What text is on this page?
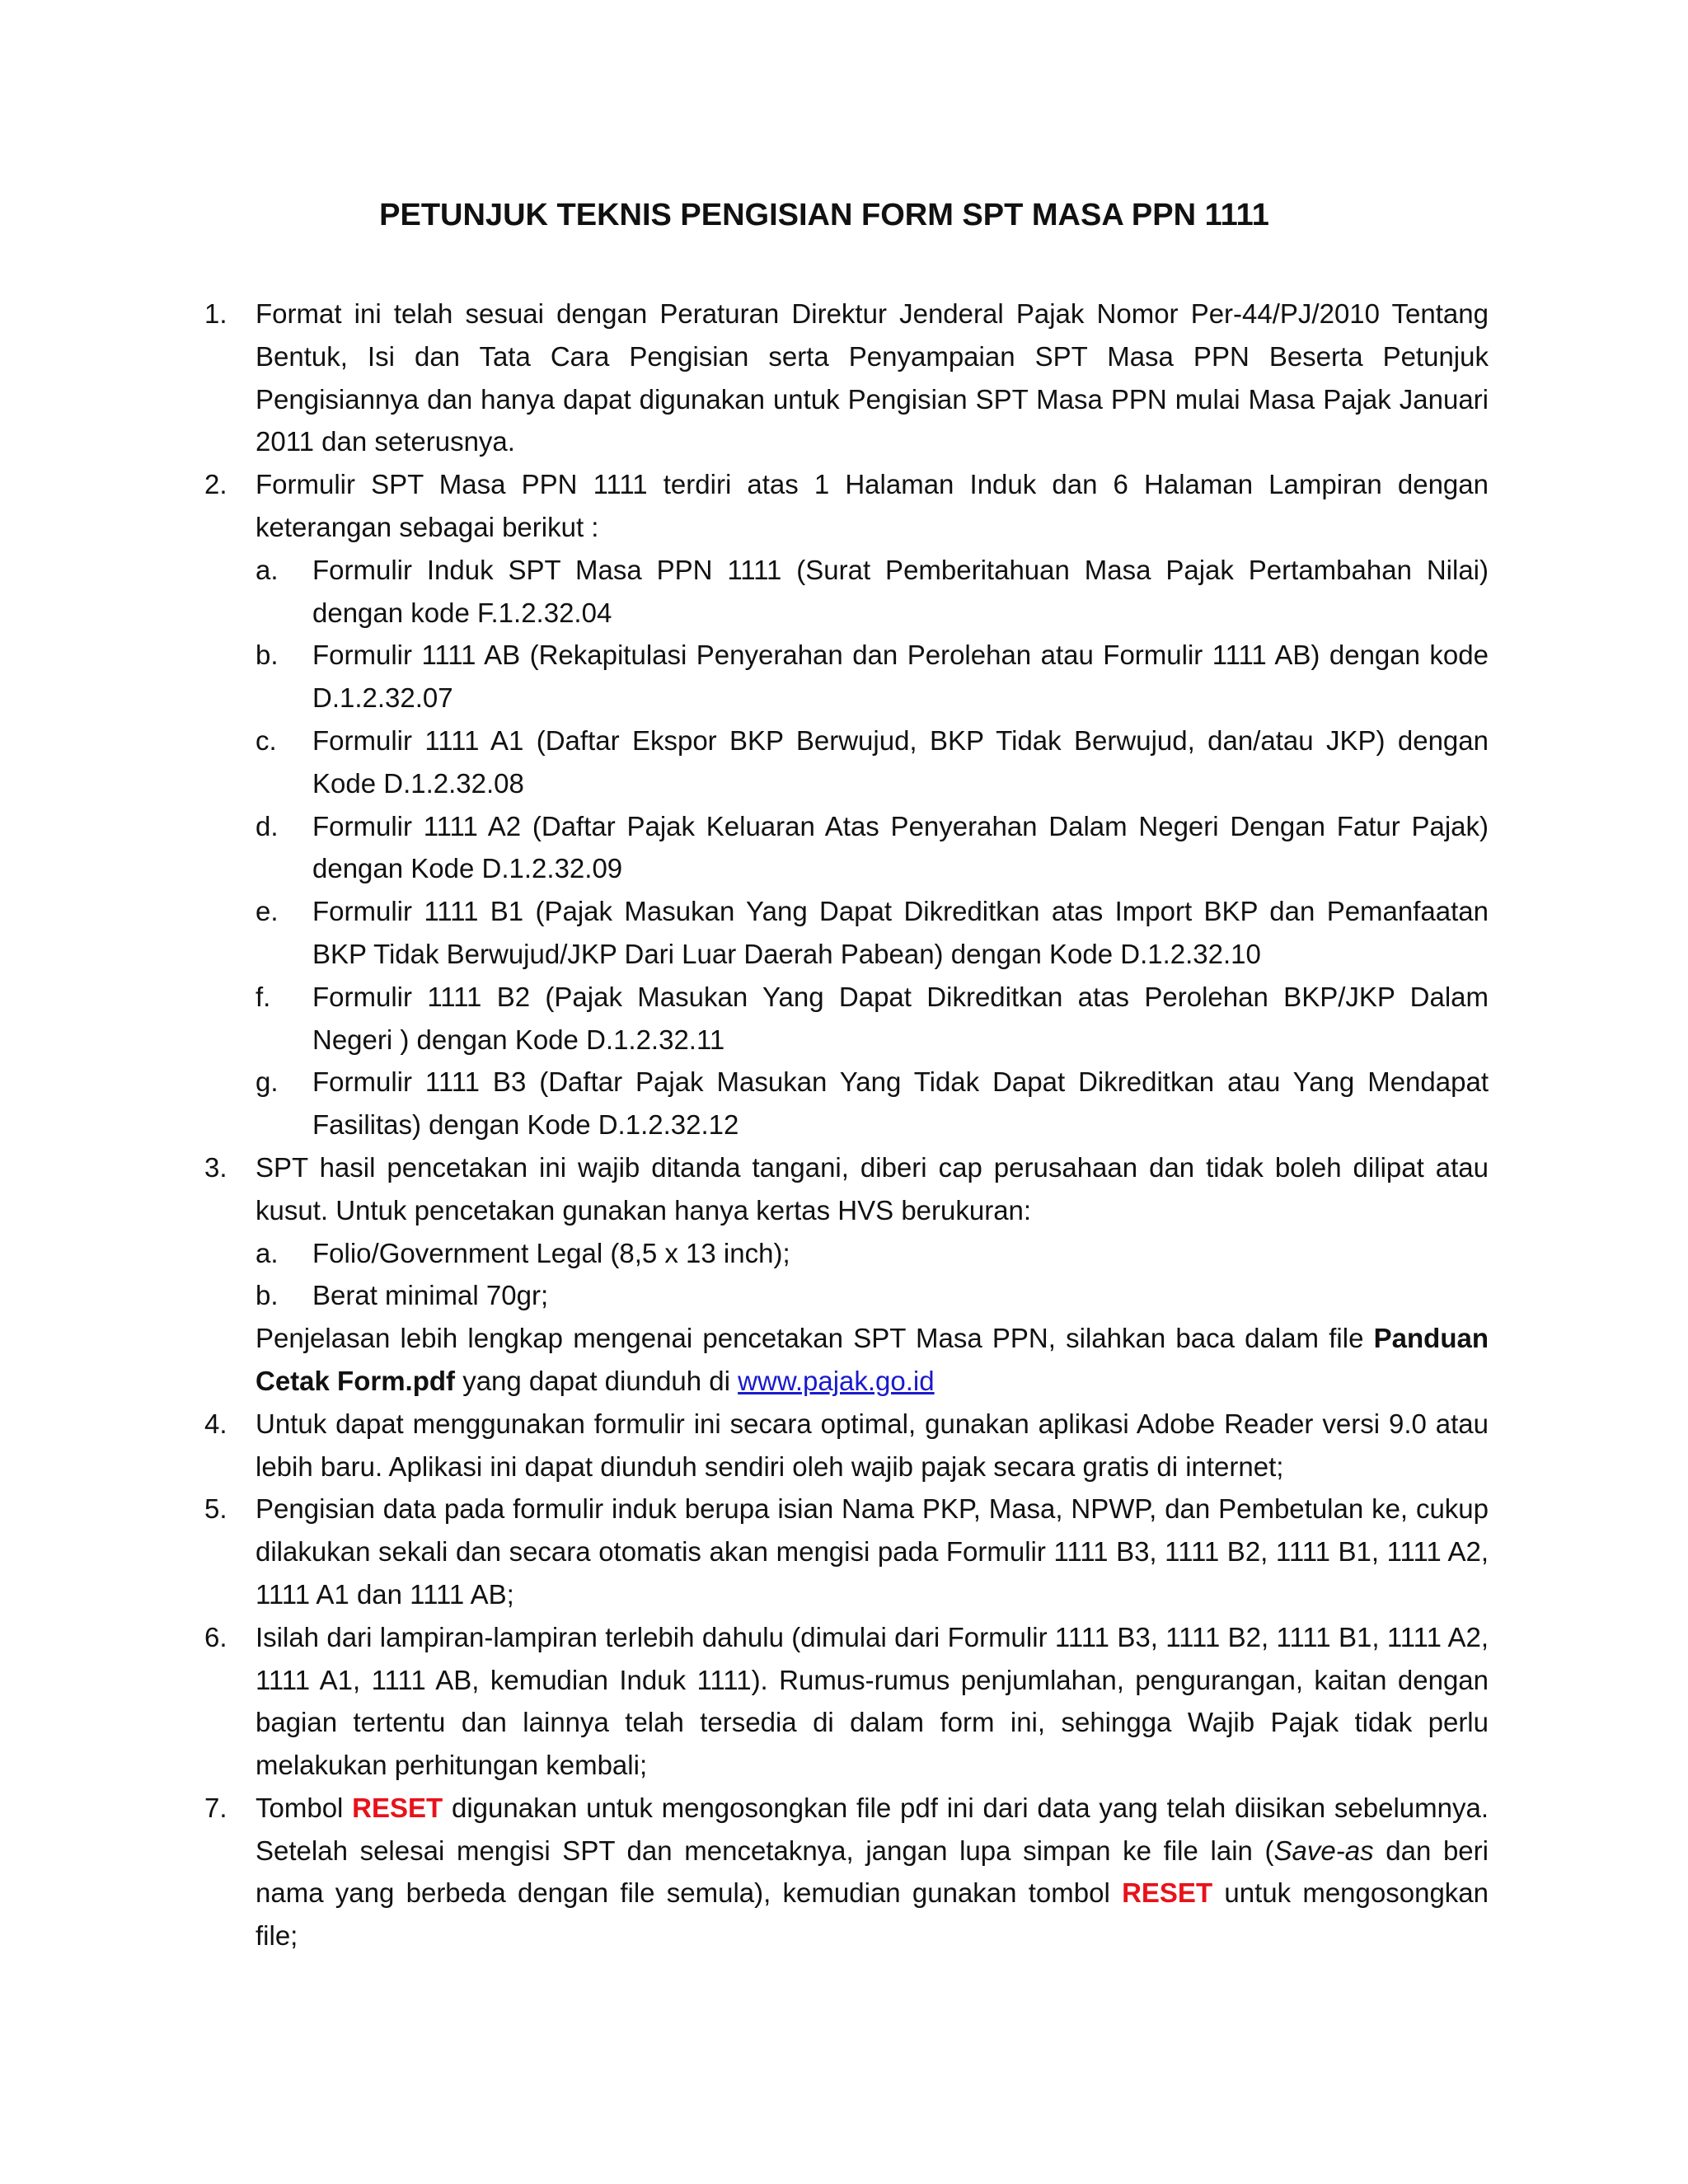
PETUNJUK TEKNIS PENGISIAN FORM SPT MASA PPN 1111
1. Format ini telah sesuai dengan Peraturan Direktur Jenderal Pajak Nomor Per-44/PJ/2010 Tentang Bentuk, Isi dan Tata Cara Pengisian serta Penyampaian SPT Masa PPN Beserta Petunjuk Pengisiannya dan hanya dapat digunakan untuk Pengisian SPT Masa PPN mulai Masa Pajak Januari 2011 dan seterusnya.
2. Formulir SPT Masa PPN 1111 terdiri atas 1 Halaman Induk dan 6 Halaman Lampiran dengan keterangan sebagai berikut :
a. Formulir Induk SPT Masa PPN 1111 (Surat Pemberitahuan Masa Pajak Pertambahan Nilai) dengan kode F.1.2.32.04
b. Formulir 1111 AB (Rekapitulasi Penyerahan dan Perolehan atau Formulir 1111 AB) dengan kode D.1.2.32.07
c. Formulir 1111 A1 (Daftar Ekspor BKP Berwujud, BKP Tidak Berwujud, dan/atau JKP) dengan Kode D.1.2.32.08
d. Formulir 1111 A2 (Daftar Pajak Keluaran Atas Penyerahan Dalam Negeri Dengan Fatur Pajak) dengan Kode D.1.2.32.09
e. Formulir 1111 B1 (Pajak Masukan Yang Dapat Dikreditkan atas Import BKP dan Pemanfaatan BKP Tidak Berwujud/JKP Dari Luar Daerah Pabean) dengan Kode D.1.2.32.10
f. Formulir 1111 B2 (Pajak Masukan Yang Dapat Dikreditkan atas Perolehan BKP/JKP Dalam Negeri ) dengan Kode D.1.2.32.11
g. Formulir 1111 B3 (Daftar Pajak Masukan Yang Tidak Dapat Dikreditkan atau Yang Mendapat Fasilitas) dengan Kode D.1.2.32.12
3. SPT hasil pencetakan ini wajib ditanda tangani, diberi cap perusahaan dan tidak boleh dilipat atau kusut. Untuk pencetakan gunakan hanya kertas HVS berukuran:
a. Folio/Government Legal (8,5 x 13 inch);
b. Berat minimal 70gr;
Penjelasan lebih lengkap mengenai pencetakan SPT Masa PPN, silahkan baca dalam file Panduan Cetak Form.pdf yang dapat diunduh di www.pajak.go.id
4. Untuk dapat menggunakan formulir ini secara optimal, gunakan aplikasi Adobe Reader versi 9.0 atau lebih baru. Aplikasi ini dapat diunduh sendiri oleh wajib pajak secara gratis di internet;
5. Pengisian data pada formulir induk berupa isian Nama PKP, Masa, NPWP, dan Pembetulan ke, cukup dilakukan sekali dan secara otomatis akan mengisi pada Formulir 1111 B3, 1111 B2, 1111 B1, 1111 A2, 1111 A1 dan 1111 AB;
6. Isilah dari lampiran-lampiran terlebih dahulu (dimulai dari Formulir 1111 B3, 1111 B2, 1111 B1, 1111 A2, 1111 A1, 1111 AB, kemudian Induk 1111). Rumus-rumus penjumlahan, pengurangan, kaitan dengan bagian tertentu dan lainnya telah tersedia di dalam form ini, sehingga Wajib Pajak tidak perlu melakukan perhitungan kembali;
7. Tombol RESET digunakan untuk mengosongkan file pdf ini dari data yang telah diisikan sebelumnya. Setelah selesai mengisi SPT dan mencetaknya, jangan lupa simpan ke file lain (Save-as dan beri nama yang berbeda dengan file semula), kemudian gunakan tombol RESET untuk mengosongkan file;
